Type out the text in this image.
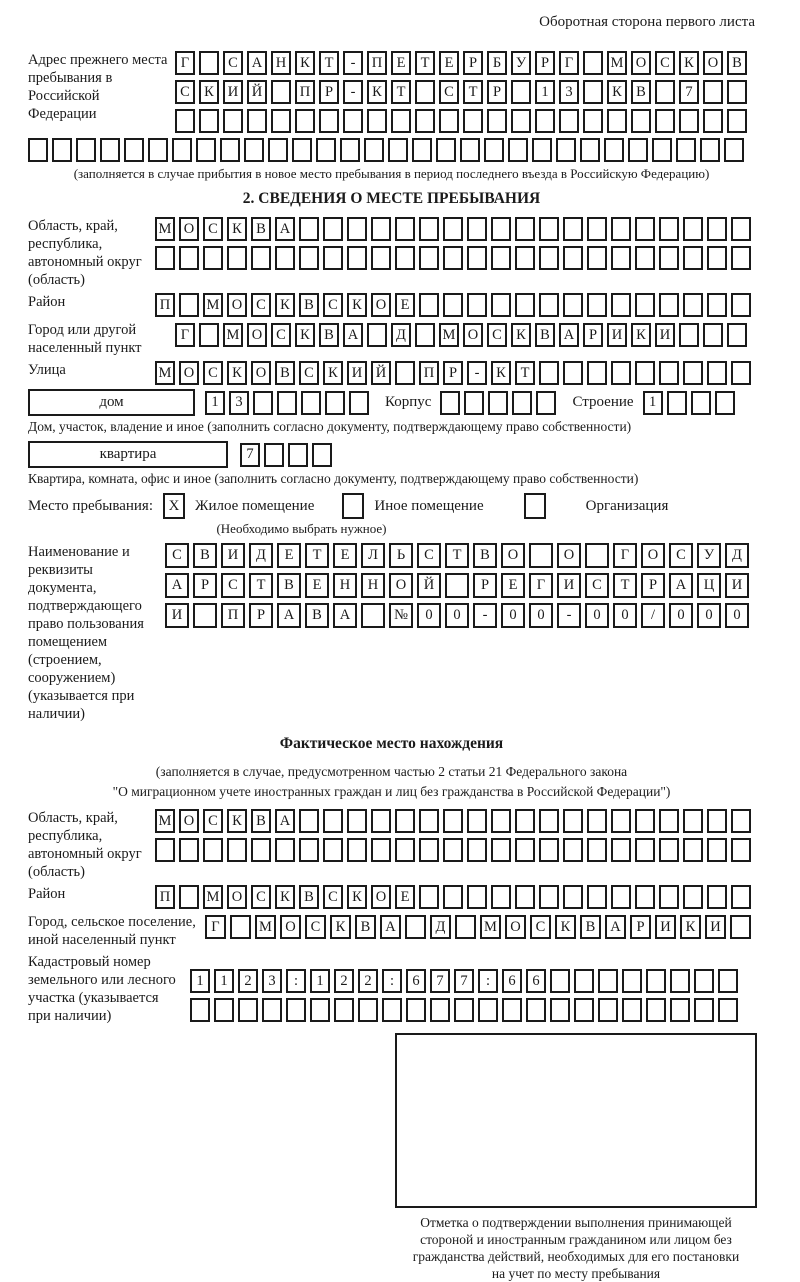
Оборотная сторона первого листа
Адрес прежнего места пребывания в Российской Федерации
Г	С А Н К	Т	-	П Е	Т	Е	Р	Б	У	Р	Г	М О С К О В
С К И Й	П	Р	-	К	Т	С	Т	Р	1	3	К В	7
(заполняется в случае прибытия в новое место пребывания в период последнего въезда в Российскую Федерацию)
2. СВЕДЕНИЯ О МЕСТЕ ПРЕБЫВАНИЯ
Область, край, республика, автономный округ (область)
М О С К В А
Район	П	М О С К В С К О Е
Город или другой населенный пункт
Г	М О С К В А	Д	М О С К В А	Р	И К И
Улица	М О С К О В С К И Й	П	Р	-	К	Т
дом	1	3	Корпус	Строение	1
Дом, участок, владение и иное (заполнить согласно документу, подтверждающему право собственности)
квартира	7
Квартира, комната, офис и иное (заполнить согласно документу, подтверждающему право собственности)
Место пребывания:	X	Жилое помещение	Иное помещение	Организация
(Необходимо выбрать нужное)
Наименование и реквизиты документа, подтверждающего право пользования помещением (строением, сооружением) (указывается при наличии)
С	В	И	Д	Е	Т	Е	Л	Ь	С	Т	В	О	О	Г	О	С	У	Д
А	Р	С	Т	В	Е	Н	Н	О	Й	Р	Е	Г	И	С	Т	Р	А	Ц	И
И	П	Р	А	В	А	№	0	0	-	0	0	-	0	0	/	0	0	0
Фактическое место нахождения
(заполняется в случае, предусмотренном частью 2 статьи 21 Федерального закона
"О миграционном учете иностранных граждан и лиц без гражданства в Российской Федерации")
Область, край, республика, автономный округ (область)
М О С К В А
Район	П	М О С К В С К О Е
Город, сельское поселение, иной населенный пункт
Г	М О	С	К	В	А	Д	М О	С	К	В	А	Р	И	К	И
Кадастровый номер земельного или лесного участка (указывается при наличии)
1	1	2	3	:	1	2	2	:	6	7	7	:	6	6
Отметка о подтверждении выполнения принимающей
стороной и иностранным гражданином или лицом без
гражданства действий, необходимых для его постановки
на учет по месту пребывания
